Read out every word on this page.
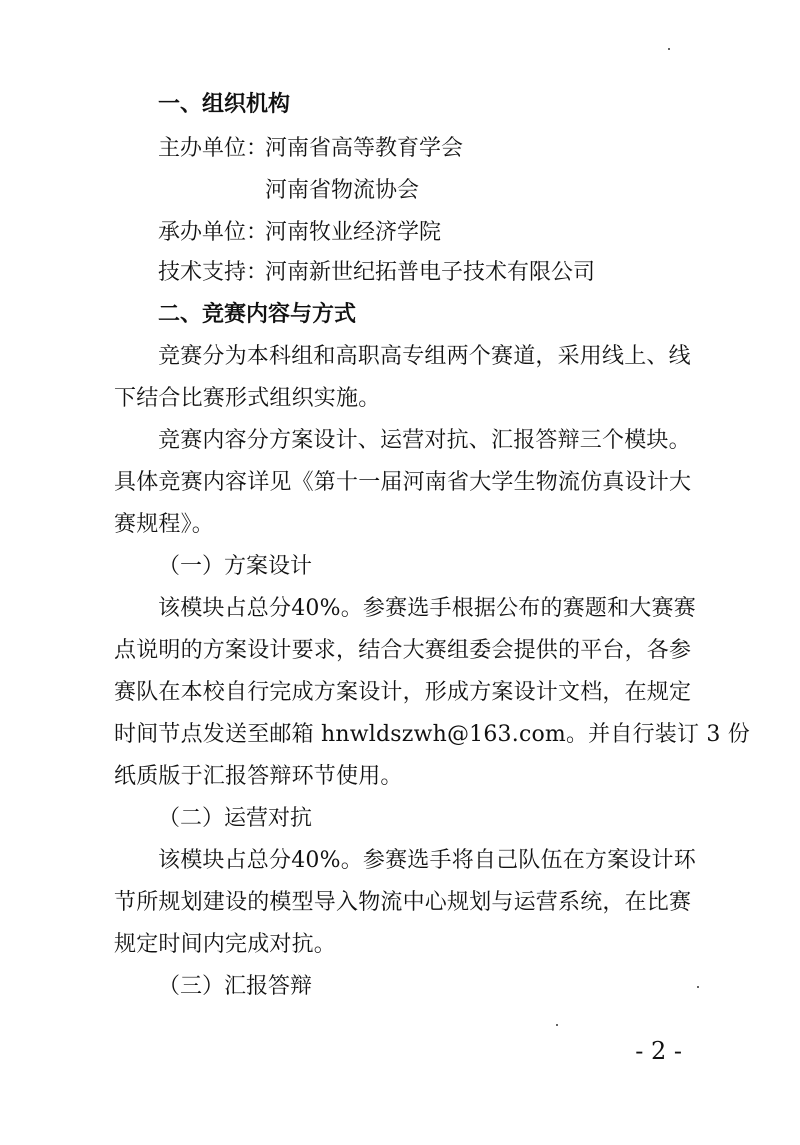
一、组织机构
主办单位：
河南省高等教育学会
河南省物流协会
承办单位：
河南牧业经济学院
技术支持：
河南新世纪拓普电子技术有限公司
二、竞赛内容与方式
竞赛分为本科组和高职高专组两个赛道，采用线上、线
下结合比赛形式组织实施。
竞赛内容分方案设计、运营对抗、汇报答辩三个模块。
具体竞赛内容详见《第十一届河南省大学生物流仿真设计大
赛规程》。
（一）方案设计
该模块占总分40%。参赛选手根据公布的赛题和大赛赛
点说明的方案设计要求，结合大赛组委会提供的平台，各参
赛队在本校自行完成方案设计，形成方案设计文档，在规定
时间节点发送至邮箱 hnwldszwh@163.com。并自行装订 3 份
纸质版于汇报答辩环节使用。
（二）运营对抗
该模块占总分40%。参赛选手将自己队伍在方案设计环
节所规划建设的模型导入物流中心规划与运营系统，在比赛
规定时间内完成对抗。
（三）汇报答辩
- 2 -
